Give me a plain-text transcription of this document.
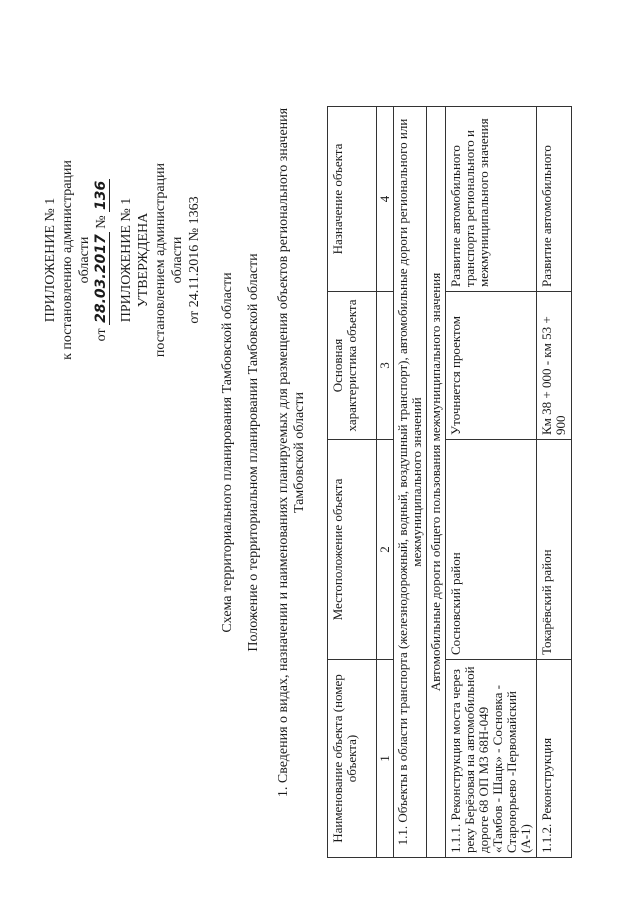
ПРИЛОЖЕНИЕ № 1 к постановлению администрации области
от 28.03.2017 № 136
ПРИЛОЖЕНИЕ № 1 УТВЕРЖДЕНА постановлением администрации области от 24.11.2016 № 1363
Схема территориального планирования Тамбовской области Положение о территориальном планировании Тамбовской области 1. Сведения о видах, назначении и наименованиях планируемых для размещения объектов регионального значения Тамбовской области
Наименование объекта (номер объекта)	Местоположение объекта	Основная характеристика объекта	Назначение объекта
1	2	3	4
1.1. Объекты в области транспорта (железнодорожный, водный, воздушный транспорт), автомобильные дороги регионального или межмуниципального значений			
Автомобильные дороги общего пользования межмуниципального значения			
1.1.1. Реконструкция моста через реку Берёзовая на автомобильной дороге 68 ОП М3 68Н-049 «Тамбов - Шацк» - Сосновка - Староюрьево -Первомайский (А-1)	Сосновский район	Уточняется проектом	Развитие автомобильного транспорта регионального и межмуниципального значения
1.1.2. Реконструкция	Токарёвский район	Км 38 + 000 - км 53 + 900	Развитие автомобильного
